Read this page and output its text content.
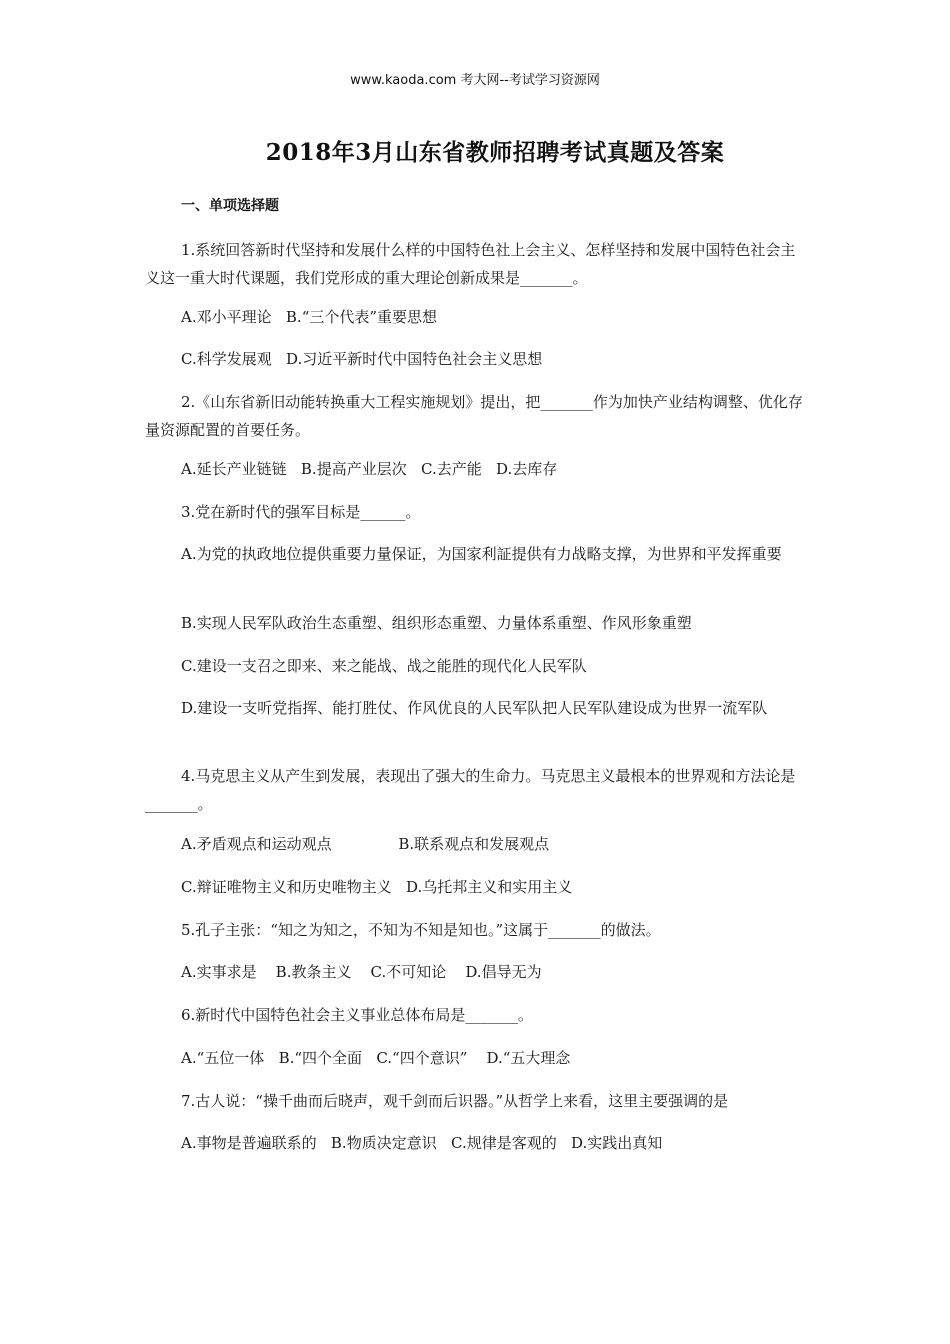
www.kaoda.com 考大网--考试学习资源网
2018年3月山东省教师招聘考试真题及答案
一、单项选择题

1.系统回答新时代坚持和发展什么样的中国特色社上会主义、怎样坚持和发展中国特色社会主义这一重大时代课题，我们党形成的重大理论创新成果是_______。

A.邓小平理论   B.“三个代表”重要思想

C.科学发展观   D.习近平新时代中国特色社会主义思想

2.《山东省新旧动能转换重大工程实施规划》提出，把_______作为加快产业结构调整、优化存量资源配置的首要任务。

A.延长产业链链   B.提高产业层次   C.去产能   D.去库存

3.党在新时代的强军目标是______。

A.为党的执政地位提供重要力量保证，为国家利証提供有力战略支撑，为世界和平发挥重要

B.实现人民军队政治生态重塑、组织形态重塑、力量体系重塑、作风形象重塑

C.建设一支召之即来、来之能战、战之能胜的现代化人民军队

D.建设一支听党指挥、能打胜仗、作风优良的人民军队把人民军队建设成为世界一流军队

4.马克思主义从产生到发展，表现出了强大的生命力。马克思主义最根本的世界观和方法论是_______。

A.矛盾观点和运动观点              B.联系观点和发展观点

C.辩证唯物主义和历史唯物主义   D.乌托邦主义和实用主义

5.孔子主张：“知之为知之，不知为不知是知也。”这属于_______的做法。

A.实事求是    B.教条主义    C.不可知论    D.倡导无为

6.新时代中国特色社会主义事业总体布局是_______。

A.“五位一体   B.“四个全面   C.“四个意识”    D.“五大理念

7.古人说：“操千曲而后晓声，观千剑而后识器。”从哲学上来看，这里主要强调的是

A.事物是普遍联系的   B.物质决定意识   C.规律是客观的   D.实践出真知
